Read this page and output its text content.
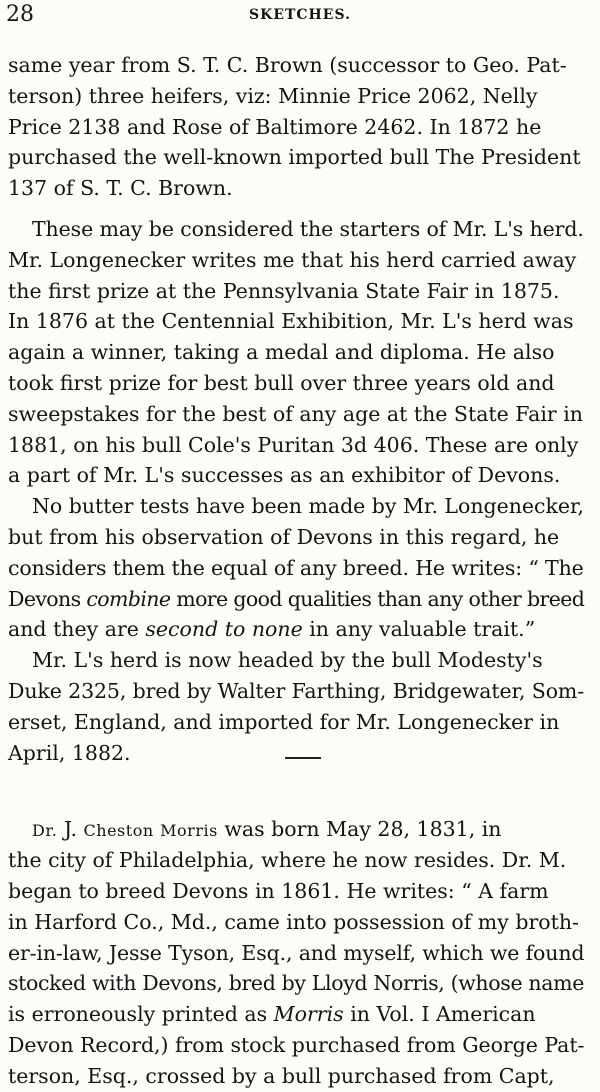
28	SKETCHES.
same year from S. T. C. Brown (successor to Geo. Pat-
terson) three heifers, viz: Minnie Price 2062, Nelly
Price 2138 and Rose of Baltimore 2462. In 1872 he
purchased the well-known imported bull The President
137 of S. T. C. Brown.
These may be considered the starters of Mr. L's herd.
Mr. Longenecker writes me that his herd carried away
the first prize at the Pennsylvania State Fair in 1875.
In 1876 at the Centennial Exhibition, Mr. L's herd was
again a winner, taking a medal and diploma. He also
took first prize for best bull over three years old and
sweepstakes for the best of any age at the State Fair in
1881, on his bull Cole's Puritan 3d 406. These are only
a part of Mr. L's successes as an exhibitor of Devons.
No butter tests have been made by Mr. Longenecker,
but from his observation of Devons in this regard, he
considers them the equal of any breed. He writes: “ The
Devons combine more good qualities than any other breed
and they are second to none in any valuable trait.”
Mr. L's herd is now headed by the bull Modesty's
Duke 2325, bred by Walter Farthing, Bridgewater, Som-
erset, England, and imported for Mr. Longenecker in
April, 1882.
Dr. J. Cheston Morris was born May 28, 1831, in
the city of Philadelphia, where he now resides. Dr. M.
began to breed Devons in 1861. He writes: “ A farm
in Harford Co., Md., came into possession of my broth-
er-in-law, Jesse Tyson, Esq., and myself, which we found
stocked with Devons, bred by Lloyd Norris, (whose name
is erroneously printed as Morris in Vol. I American
Devon Record,) from stock purchased from George Pat-
terson, Esq., crossed by a bull purchased from Capt,
